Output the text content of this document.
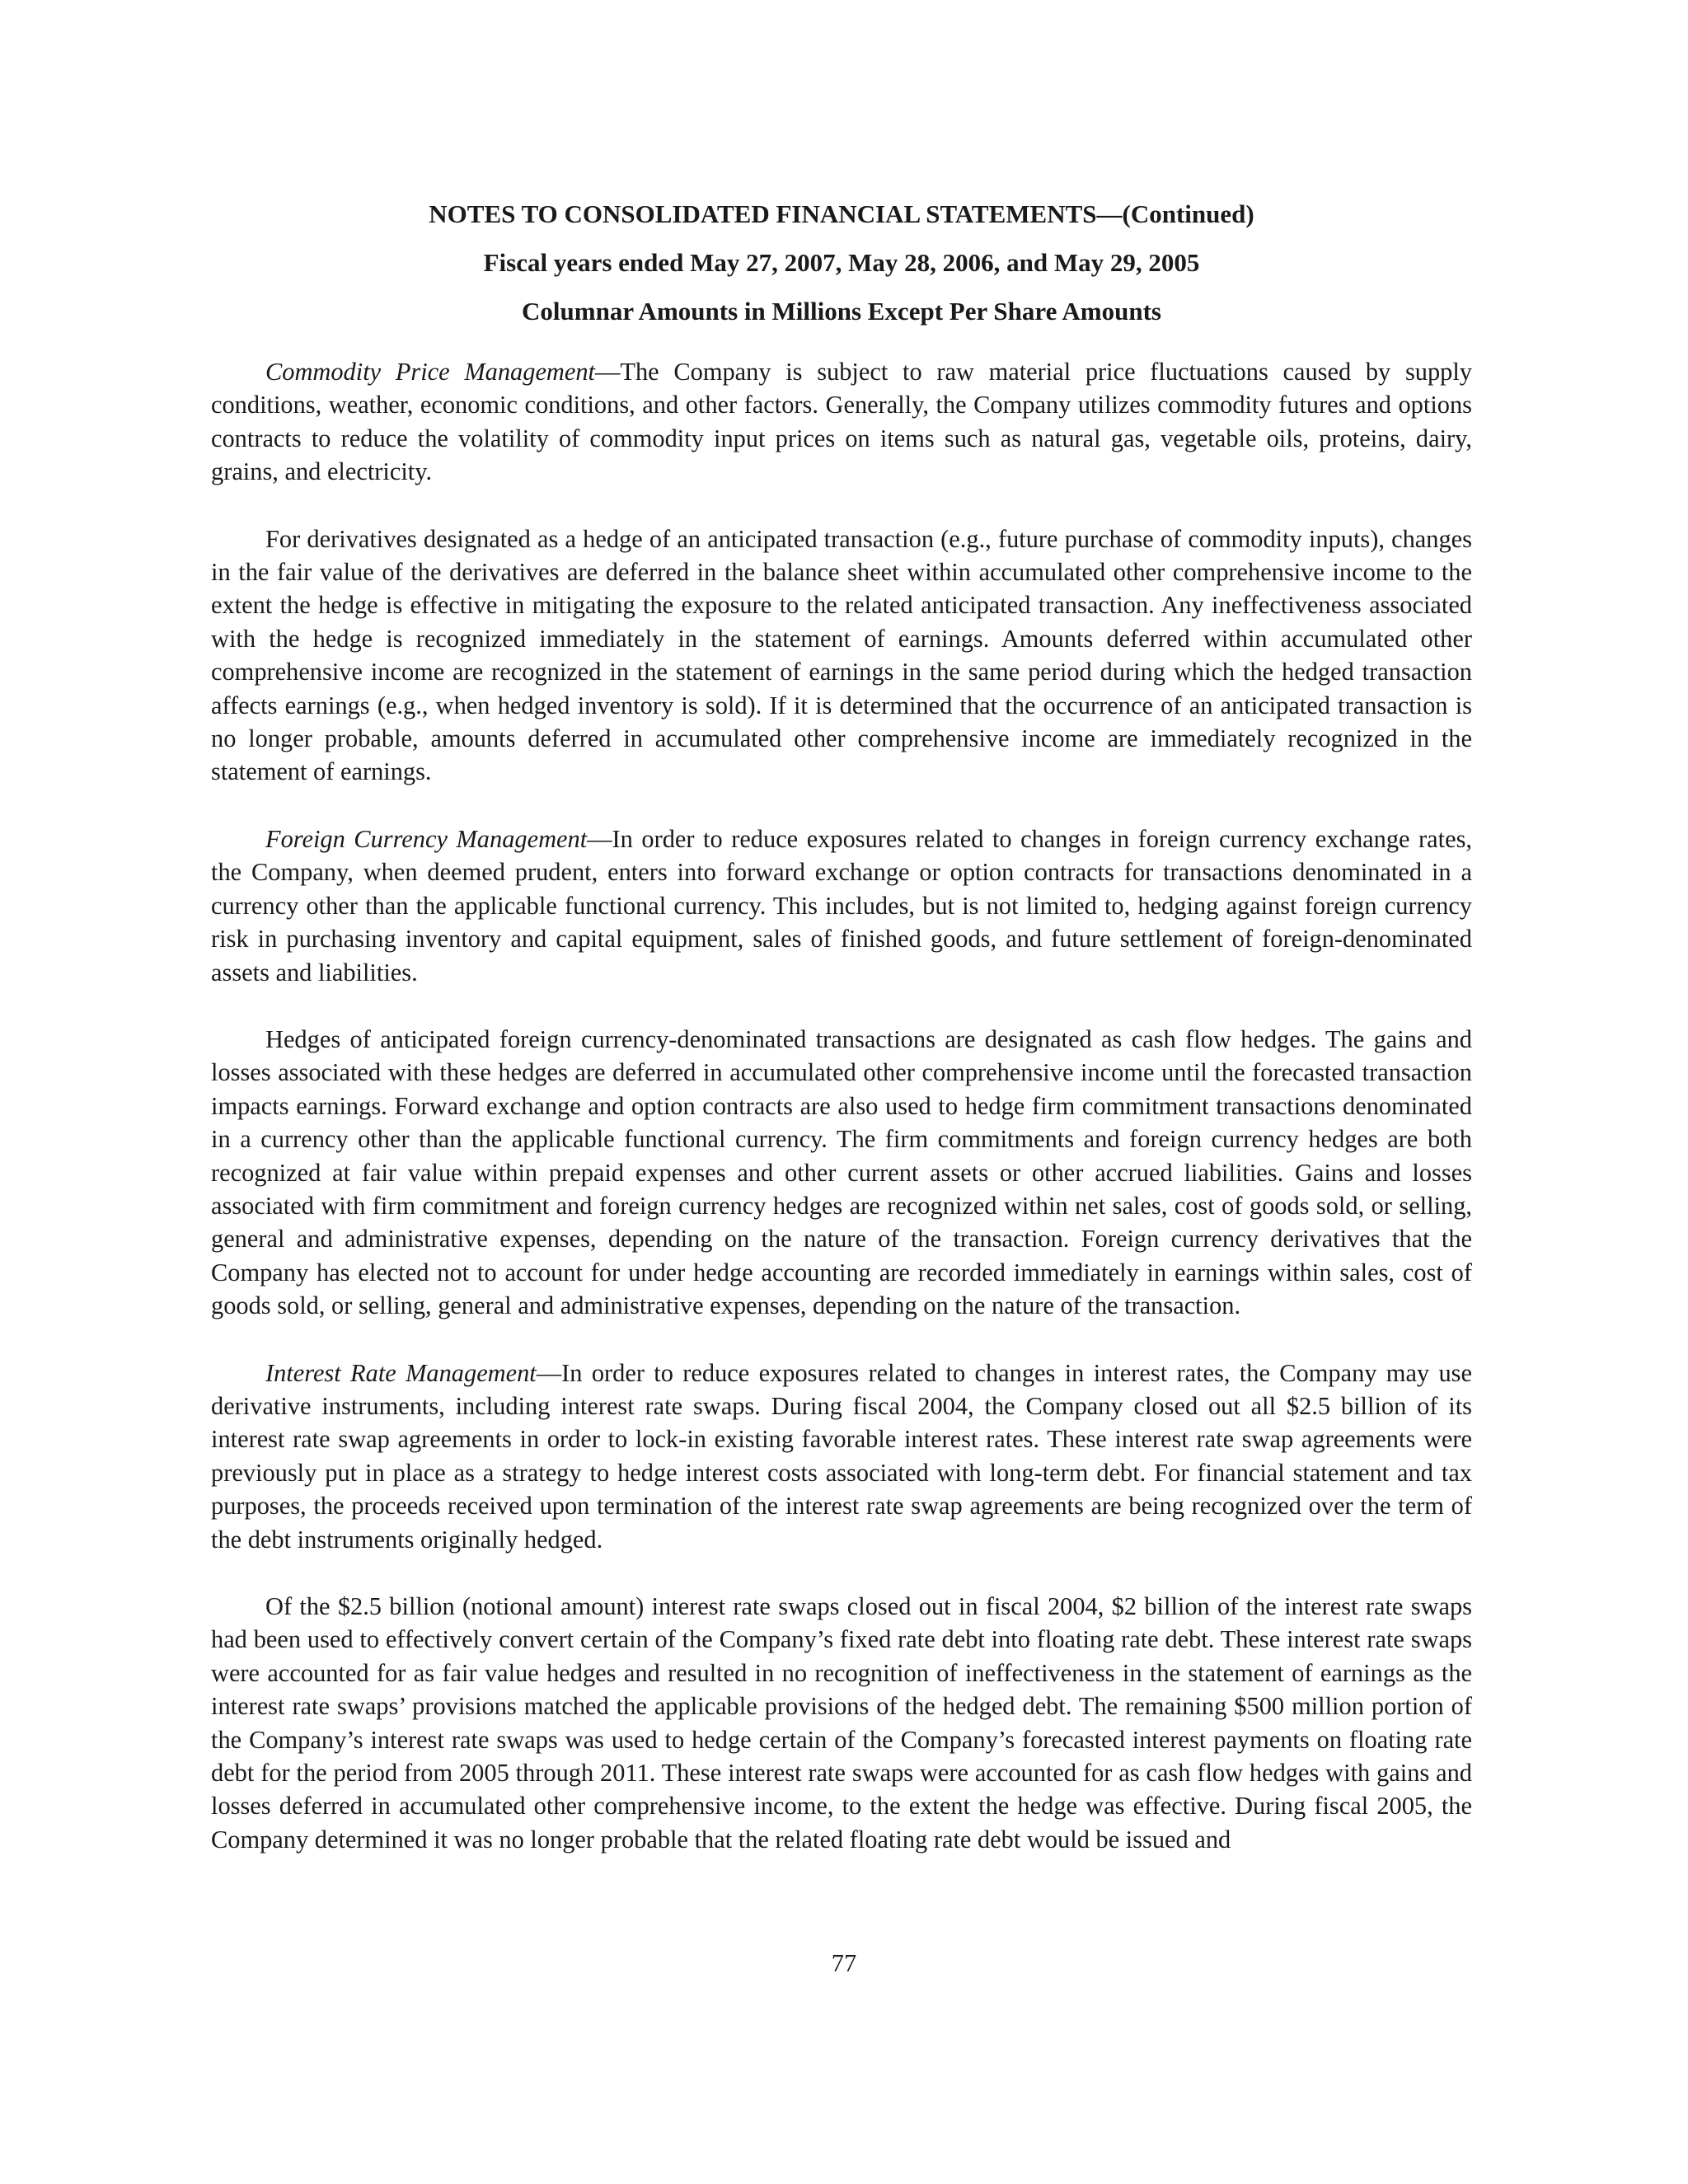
NOTES TO CONSOLIDATED FINANCIAL STATEMENTS—(Continued)

Fiscal years ended May 27, 2007, May 28, 2006, and May 29, 2005

Columnar Amounts in Millions Except Per Share Amounts

Commodity Price Management—The Company is subject to raw material price fluctuations caused by supply conditions, weather, economic conditions, and other factors. Generally, the Company utilizes commodity futures and options contracts to reduce the volatility of commodity input prices on items such as natural gas, vegetable oils, proteins, dairy, grains, and electricity.

For derivatives designated as a hedge of an anticipated transaction (e.g., future purchase of commodity inputs), changes in the fair value of the derivatives are deferred in the balance sheet within accumulated other comprehensive income to the extent the hedge is effective in mitigating the exposure to the related anticipated transaction. Any ineffectiveness associated with the hedge is recognized immediately in the statement of earnings. Amounts deferred within accumulated other comprehensive income are recognized in the statement of earnings in the same period during which the hedged transaction affects earnings (e.g., when hedged inventory is sold). If it is determined that the occurrence of an anticipated transaction is no longer probable, amounts deferred in accumulated other comprehensive income are immediately recognized in the statement of earnings.

Foreign Currency Management—In order to reduce exposures related to changes in foreign currency exchange rates, the Company, when deemed prudent, enters into forward exchange or option contracts for transactions denominated in a currency other than the applicable functional currency. This includes, but is not limited to, hedging against foreign currency risk in purchasing inventory and capital equipment, sales of finished goods, and future settlement of foreign-denominated assets and liabilities.

Hedges of anticipated foreign currency-denominated transactions are designated as cash flow hedges. The gains and losses associated with these hedges are deferred in accumulated other comprehensive income until the forecasted transaction impacts earnings. Forward exchange and option contracts are also used to hedge firm commitment transactions denominated in a currency other than the applicable functional currency. The firm commitments and foreign currency hedges are both recognized at fair value within prepaid expenses and other current assets or other accrued liabilities. Gains and losses associated with firm commitment and foreign currency hedges are recognized within net sales, cost of goods sold, or selling, general and administrative expenses, depending on the nature of the transaction. Foreign currency derivatives that the Company has elected not to account for under hedge accounting are recorded immediately in earnings within sales, cost of goods sold, or selling, general and administrative expenses, depending on the nature of the transaction.

Interest Rate Management—In order to reduce exposures related to changes in interest rates, the Company may use derivative instruments, including interest rate swaps. During fiscal 2004, the Company closed out all $2.5 billion of its interest rate swap agreements in order to lock-in existing favorable interest rates. These interest rate swap agreements were previously put in place as a strategy to hedge interest costs associated with long-term debt. For financial statement and tax purposes, the proceeds received upon termination of the interest rate swap agreements are being recognized over the term of the debt instruments originally hedged.

Of the $2.5 billion (notional amount) interest rate swaps closed out in fiscal 2004, $2 billion of the interest rate swaps had been used to effectively convert certain of the Company’s fixed rate debt into floating rate debt. These interest rate swaps were accounted for as fair value hedges and resulted in no recognition of ineffectiveness in the statement of earnings as the interest rate swaps’ provisions matched the applicable provisions of the hedged debt. The remaining $500 million portion of the Company’s interest rate swaps was used to hedge certain of the Company’s forecasted interest payments on floating rate debt for the period from 2005 through 2011. These interest rate swaps were accounted for as cash flow hedges with gains and losses deferred in accumulated other comprehensive income, to the extent the hedge was effective. During fiscal 2005, the Company determined it was no longer probable that the related floating rate debt would be issued and

77
